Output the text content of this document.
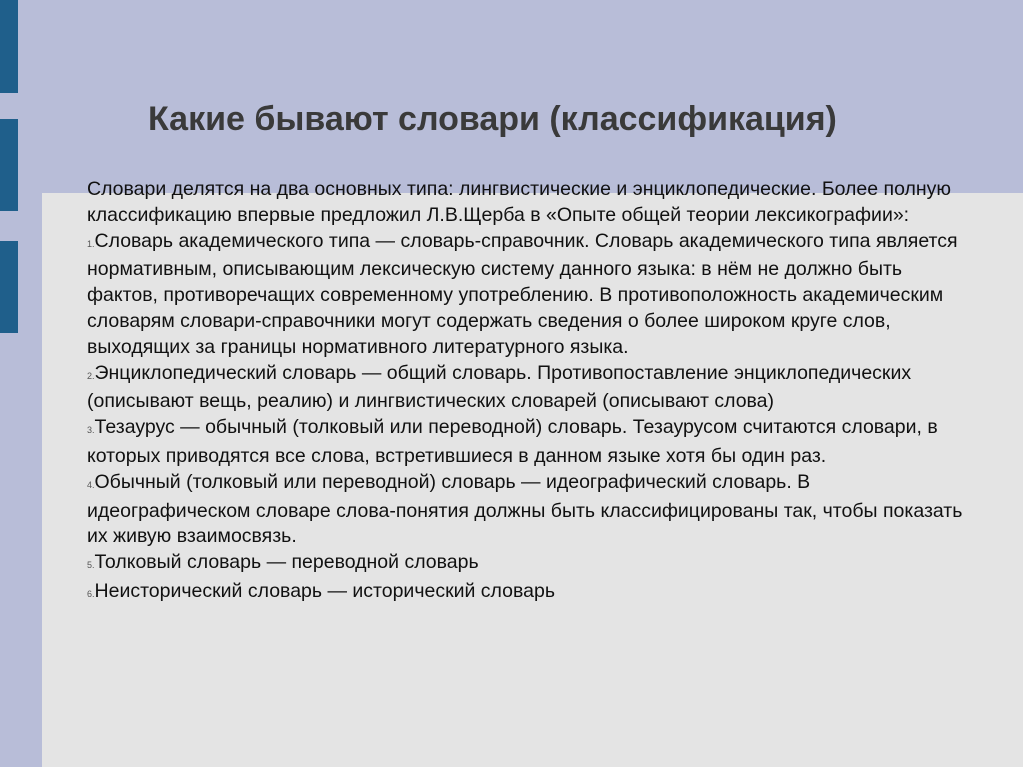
Какие бывают словари (классификация)

Словари делятся на два основных типа: лингвистические и энциклопедические. Более полную классификацию впервые предложил Л.В.Щерба в «Опыте общей теории лексикографии»:

1.Словарь академического типа — словарь-справочник. Словарь академического типа является нормативным, описывающим лексическую систему данного языка: в нём не должно быть фактов, противоречащих современному употреблению. В противоположность академическим словарям словари-справочники могут содержать сведения о более широком круге слов, выходящих за границы нормативного литературного языка.
2.Энциклопедический словарь — общий словарь. Противопоставление энциклопедических (описывают вещь, реалию) и лингвистических словарей (описывают слова)
3.Тезаурус — обычный (толковый или переводной) словарь. Тезаурусом считаются словари, в которых приводятся все слова, встретившиеся в данном языке хотя бы один раз.
4.Обычный (толковый или переводной) словарь — идеографический словарь. В идеографическом словаре слова-понятия должны быть классифицированы так, чтобы показать их живую взаимосвязь.
5.Толковый словарь — переводной словарь
6.Неисторический словарь — исторический словарь
